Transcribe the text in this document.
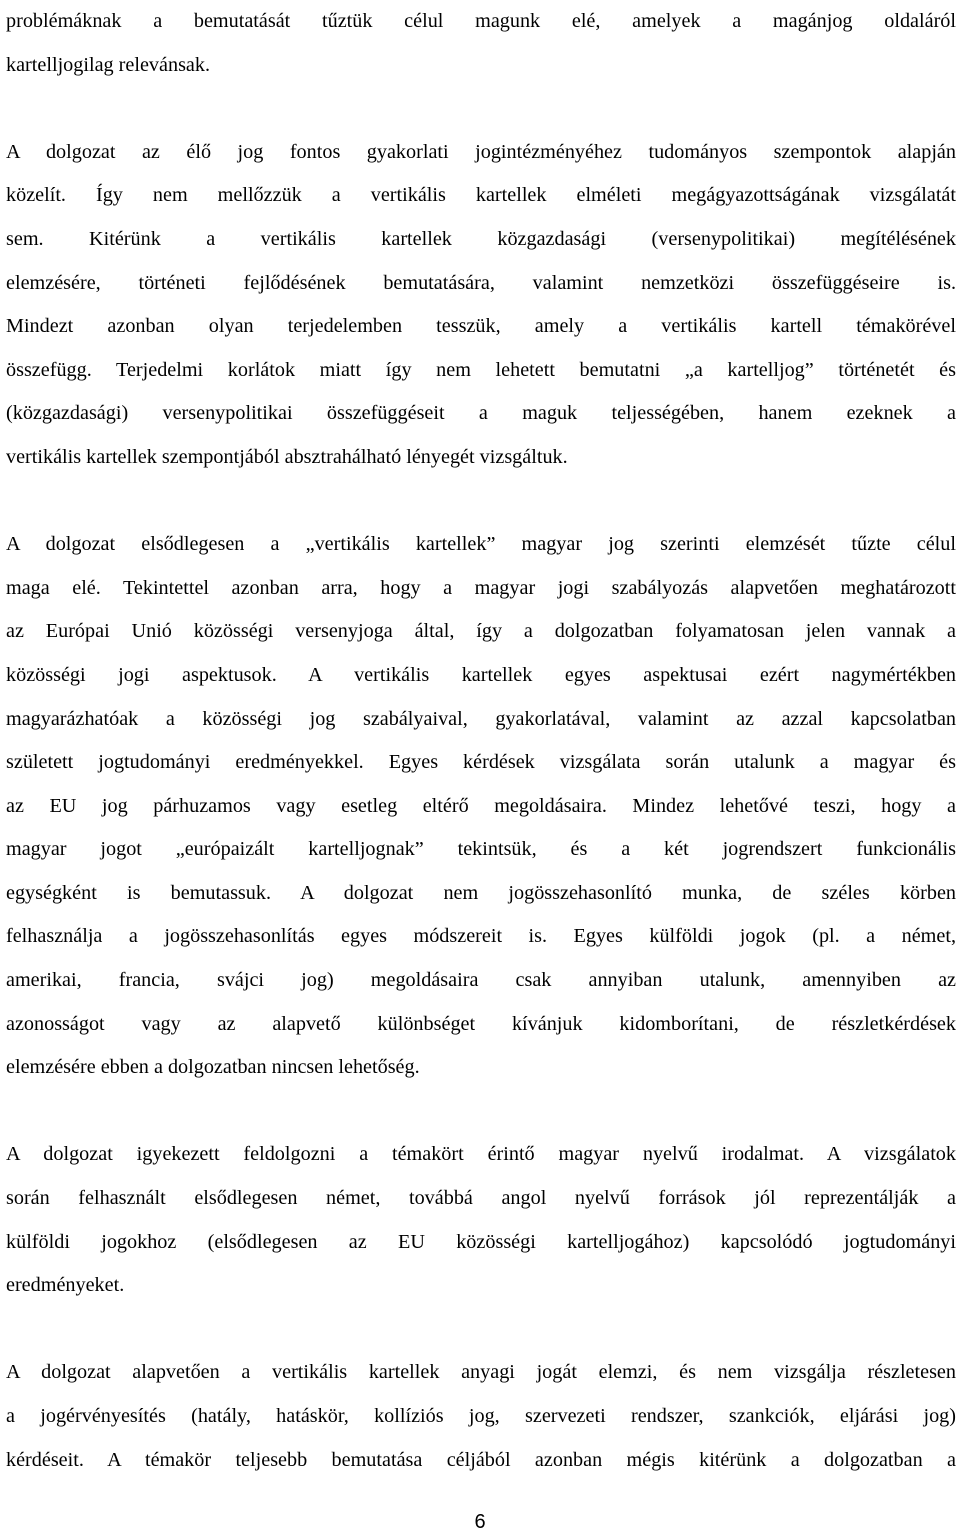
problémáknak a bemutatását tűztük célul magunk elé, amelyek a magánjog oldaláról
kartelljogilag relevánsak.

A dolgozat az élő jog fontos gyakorlati jogintézményéhez tudományos szempontok alapján
közelít. Így nem mellőzzük a vertikális kartellek elméleti megágyazottságának vizsgálatát
sem. Kitérünk a vertikális kartellek közgazdasági (versenypolitikai) megítélésének
elemzésére, történeti fejlődésének bemutatására, valamint nemzetközi összefüggéseire is.
Mindezt azonban olyan terjedelemben tesszük, amely a vertikális kartell témakörével
összefügg. Terjedelmi korlátok miatt így nem lehetett bemutatni „a kartelljog” történetét és
(közgazdasági) versenypolitikai összefüggéseit a maguk teljességében, hanem ezeknek a
vertikális kartellek szempontjából absztrahálható lényegét vizsgáltuk.

A dolgozat elsődlegesen a „vertikális kartellek” magyar jog szerinti elemzését tűzte célul
maga elé. Tekintettel azonban arra, hogy a magyar jogi szabályozás alapvetően meghatározott
az Európai Unió közösségi versenyjoga által, így a dolgozatban folyamatosan jelen vannak a
közösségi jogi aspektusok. A vertikális kartellek egyes aspektusai ezért nagymértékben
magyarázhatóak a közösségi jog szabályaival, gyakorlatával, valamint az azzal kapcsolatban
született jogtudományi eredményekkel. Egyes kérdések vizsgálata során utalunk a magyar és
az EU jog párhuzamos vagy esetleg eltérő megoldásaira. Mindez lehetővé teszi, hogy a
magyar jogot „európaizált kartelljognak” tekintsük, és a két jogrendszert funkcionális
egységként is bemutassuk. A dolgozat nem jogösszehasonlító munka, de széles körben
felhasználja a jogösszehasonlítás egyes módszereit is. Egyes külföldi jogok (pl. a német,
amerikai, francia, svájci jog) megoldásaira csak annyiban utalunk, amennyiben az
azonosságot vagy az alapvető különbséget kívánjuk kidomborítani, de részletkérdések
elemzésére ebben a dolgozatban nincsen lehetőség.

A dolgozat igyekezett feldolgozni a témakört érintő magyar nyelvű irodalmat. A vizsgálatok
során felhasznált elsődlegesen német, továbbá angol nyelvű források jól reprezentálják a
külföldi jogokhoz (elsődlegesen az EU közösségi kartelljogához) kapcsolódó jogtudományi
eredményeket.

A dolgozat alapvetően a vertikális kartellek anyagi jogát elemzi, és nem vizsgálja részletesen
a jogérvényesítés (hatály, hatáskör, kollíziós jog, szervezeti rendszer, szankciók, eljárási jog)
kérdéseit. A témakör teljesebb bemutatása céljából azonban mégis kitérünk a dolgozatban a

6
